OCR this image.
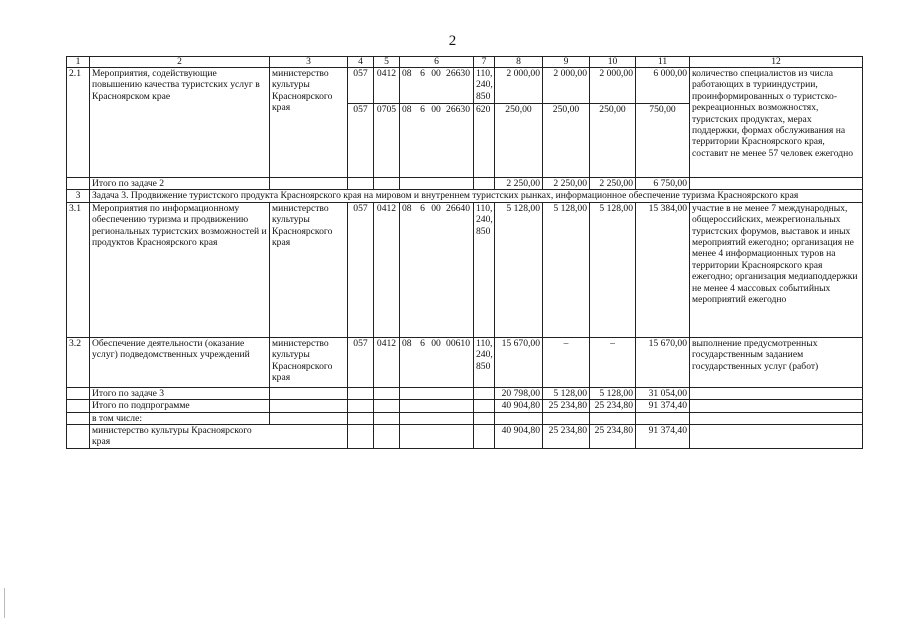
2
1	2	3	4	5	6	7	8	9	10	11	12
2.1	Мероприятия, содействующие повышению качества туристских услуг в Красноярском крае	министерство культуры Красноярского края	057	0412	08 6 00 26630	110, 240, 850	2 000,00	2 000,00	2 000,00	6 000,00	количество специалистов из числа работающих в турииндустрии, проинформированных о туристско-рекреационных возможностях, туристских продуктах, мерах поддержки, формах обслуживания на территории Красноярского края, составит не менее 57 человек ежегодно
			057	0705	08 6 00 26630	620	250,00	250,00	250,00	750,00	
	Итого по задаче 2						2 250,00	2 250,00	2 250,00	6 750,00	
3	Задача 3. Продвижение туристского продукта Красноярского края на мировом и внутреннем туристских рынках, информационное обеспечение туризма Красноярского края										
3.1	Мероприятия по информационному обеспечению туризма и продвижению региональных туристских возможностей и продуктов Красноярского края	министерство культуры Красноярского края	057	0412	08 6 00 26640	110, 240, 850	5 128,00	5 128,00	5 128,00	15 384,00	участие в не менее 7 международных, общероссийских, межрегиональных туристских форумов, выставок и иных мероприятий ежегодно; организация не менее 4 информационных туров на территории Красноярского края ежегодно; организация медиаподдержки не менее 4 массовых событийных мероприятий ежегодно
3.2	Обеспечение деятельности (оказание услуг) подведомственных учреждений	министерство культуры Красноярского края	057	0412	08 6 00 00610	110, 240, 850	15 670,00	–	–	15 670,00	выполнение предусмотренных государственным заданием государственных услуг (работ)
	Итого по задаче 3						20 798,00	5 128,00	5 128,00	31 054,00	
	Итого по подпрограмме						40 904,80	25 234,80	25 234,80	91 374,40	
	в том числе:										
	министерство культуры Красноярского края						40 904,80	25 234,80	25 234,80	91 374,40	
